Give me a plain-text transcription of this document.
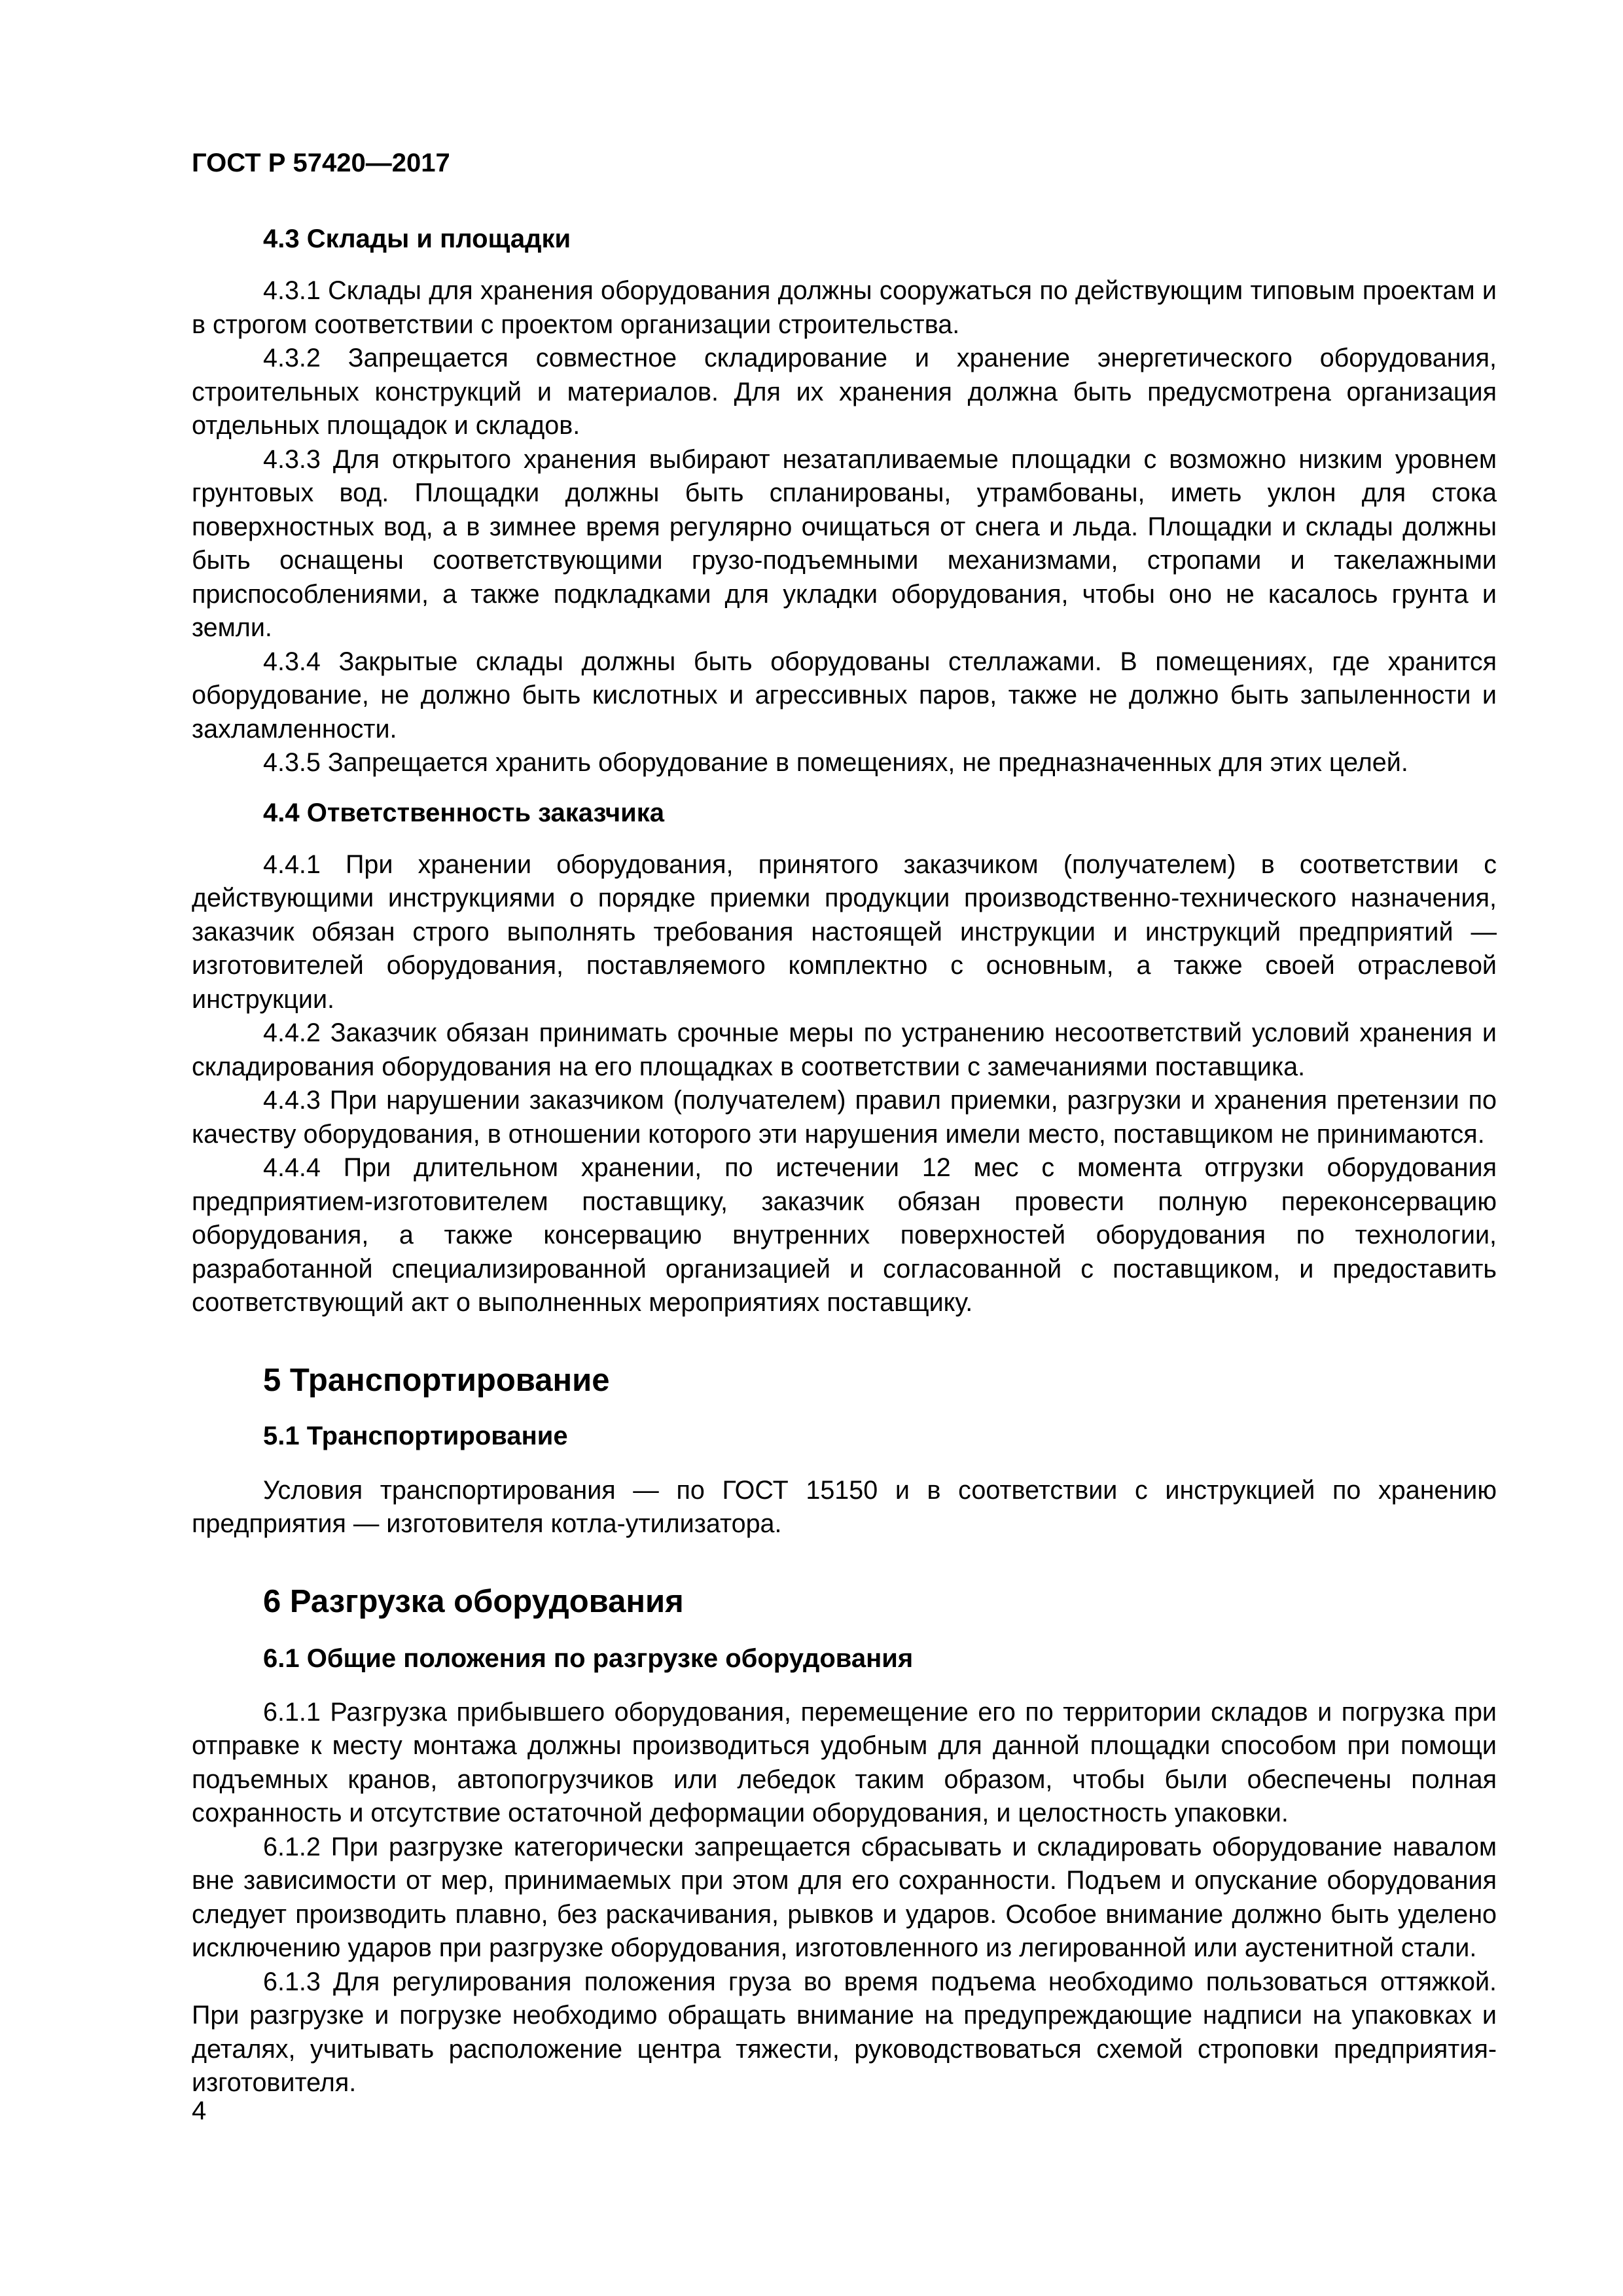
ГОСТ Р 57420—2017
4.3 Склады и площадки

4.3.1 Склады для хранения оборудования должны сооружаться по действующим типовым проектам и в строгом соответствии с проектом организации строительства.

4.3.2 Запрещается совместное складирование и хранение энергетического оборудования, строительных конструкций и материалов. Для их хранения должна быть предусмотрена организация отдельных площадок и складов.

4.3.3 Для открытого хранения выбирают незатапливаемые площадки с возможно низким уровнем грунтовых вод. Площадки должны быть спланированы, утрамбованы, иметь уклон для стока поверхностных вод, а в зимнее время регулярно очищаться от снега и льда. Площадки и склады должны быть оснащены соответствующими грузо-подъемными механизмами, стропами и такелажными приспособлениями, а также подкладками для укладки оборудования, чтобы оно не касалось грунта и земли.

4.3.4 Закрытые склады должны быть оборудованы стеллажами. В помещениях, где хранится оборудование, не должно быть кислотных и агрессивных паров, также не должно быть запыленности и захламленности.

4.3.5 Запрещается хранить оборудование в помещениях, не предназначенных для этих целей.

4.4 Ответственность заказчика

4.4.1 При хранении оборудования, принятого заказчиком (получателем) в соответствии с действующими инструкциями о порядке приемки продукции производственно-технического назначения, заказчик обязан строго выполнять требования настоящей инструкции и инструкций предприятий — изготовителей оборудования, поставляемого комплектно с основным, а также своей отраслевой инструкции.

4.4.2 Заказчик обязан принимать срочные меры по устранению несоответствий условий хранения и складирования оборудования на его площадках в соответствии с замечаниями поставщика.

4.4.3 При нарушении заказчиком (получателем) правил приемки, разгрузки и хранения претензии по качеству оборудования, в отношении которого эти нарушения имели место, поставщиком не принимаются.

4.4.4 При длительном хранении, по истечении 12 мес с момента отгрузки оборудования предприятием-изготовителем поставщику, заказчик обязан провести полную переконсервацию оборудования, а также консервацию внутренних поверхностей оборудования по технологии, разработанной специализированной организацией и согласованной с поставщиком, и предоставить соответствующий акт о выполненных мероприятиях поставщику.

5 Транспортирование
5.1 Транспортирование

Условия транспортирования — по ГОСТ 15150 и в соответствии с инструкцией по хранению предприятия — изготовителя котла-утилизатора.

6 Разгрузка оборудования
6.1 Общие положения по разгрузке оборудования

6.1.1 Разгрузка прибывшего оборудования, перемещение его по территории складов и погрузка при отправке к месту монтажа должны производиться удобным для данной площадки способом при помощи подъемных кранов, автопогрузчиков или лебедок таким образом, чтобы были обеспечены полная сохранность и отсутствие остаточной деформации оборудования, и целостность упаковки.

6.1.2 При разгрузке категорически запрещается сбрасывать и складировать оборудование навалом вне зависимости от мер, принимаемых при этом для его сохранности. Подъем и опускание оборудования следует производить плавно, без раскачивания, рывков и ударов. Особое внимание должно быть уделено исключению ударов при разгрузке оборудования, изготовленного из легированной или аустенитной стали.

6.1.3 Для регулирования положения груза во время подъема необходимо пользоваться оттяжкой. При разгрузке и погрузке необходимо обращать внимание на предупреждающие надписи на упаковках и деталях, учитывать расположение центра тяжести, руководствоваться схемой строповки предприятия-изготовителя.

4
